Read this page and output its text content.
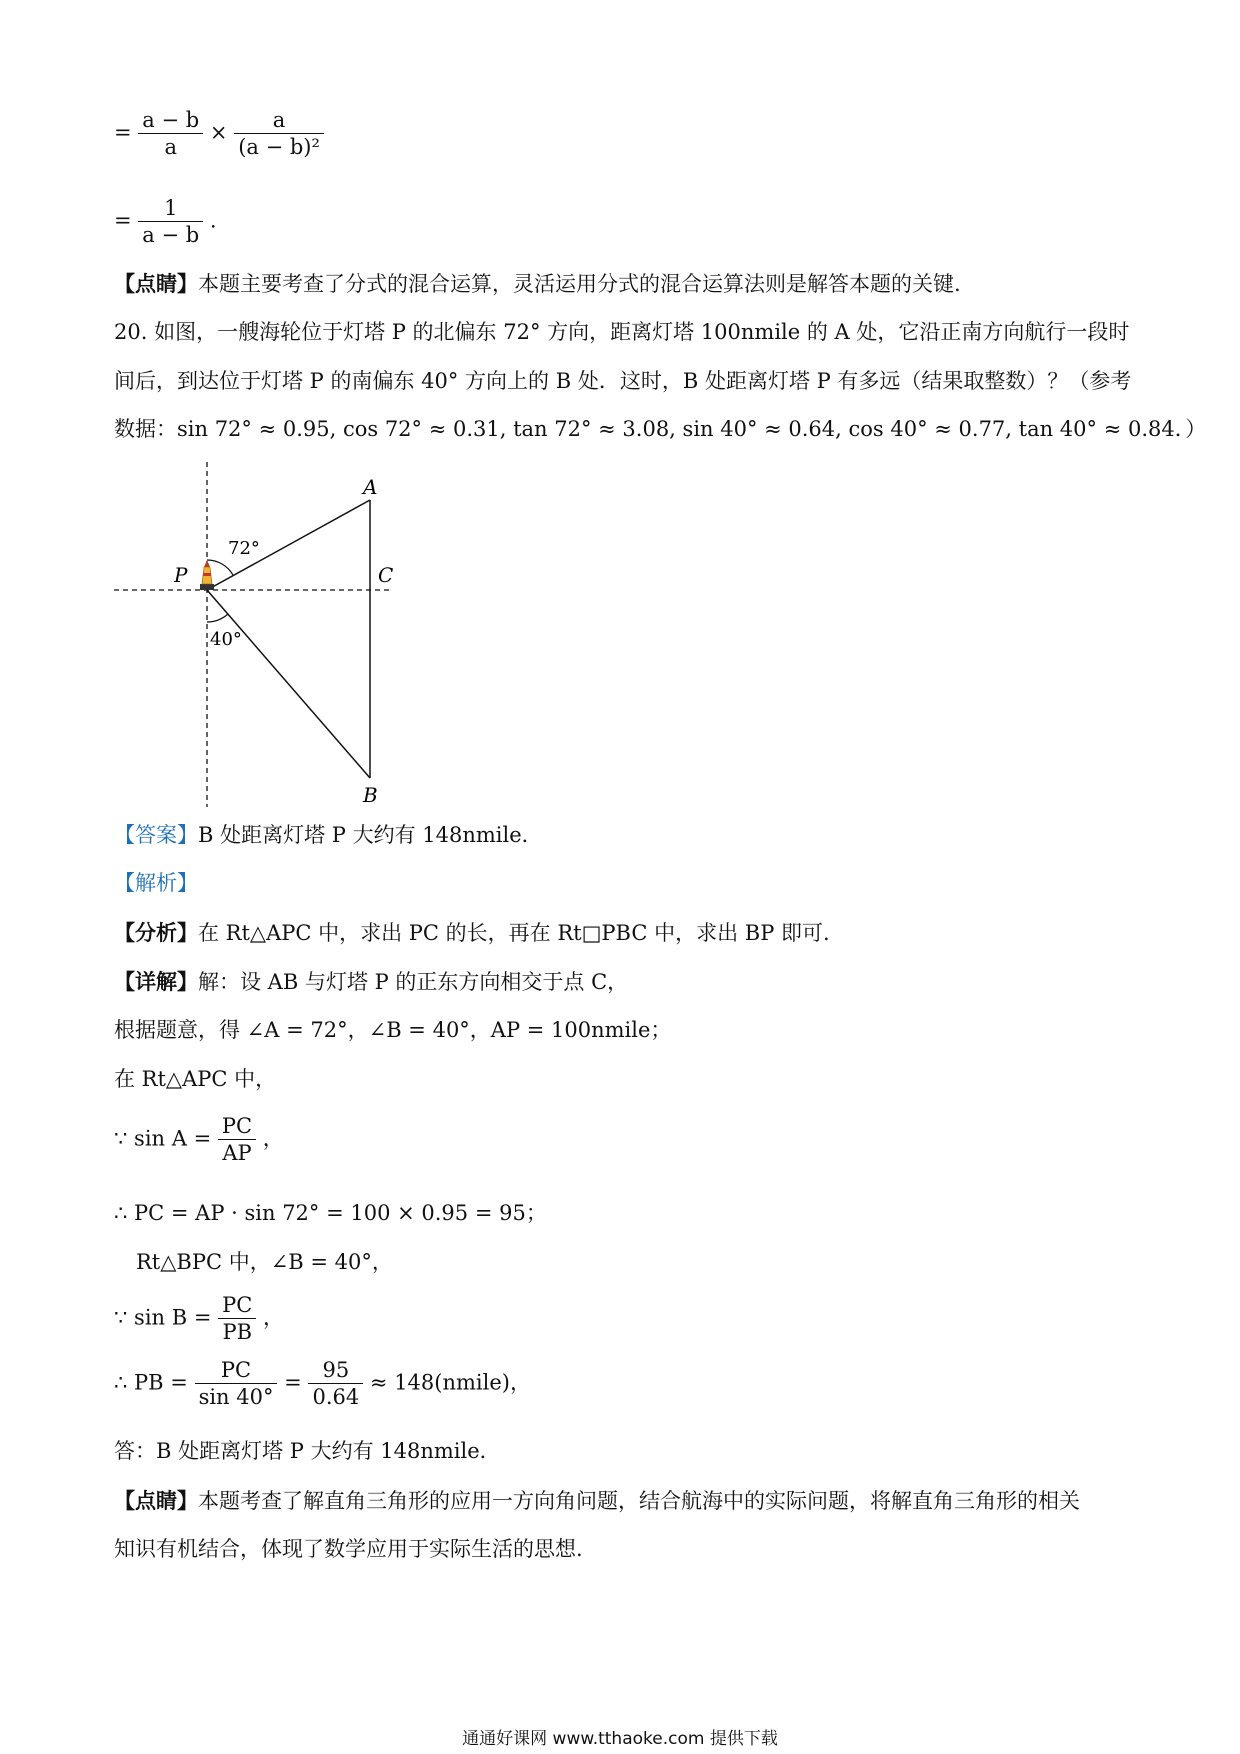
= $\frac{a - b}{a} \times \frac{a}{\text{(a − b)²}}$
= $\frac{1}{a - b}$ .
【点睛】本题主要考查了分式的混合运算，灵活运用分式的混合运算法则是解答本题的关键.
20. 如图，一艘海轮位于灯塔 P 的北偏东 72° 方向，距离灯塔 100nmile 的 A 处，它沿正南方向航行一段时
间后，到达位于灯塔 P 的南偏东 40° 方向上的 B 处．这时，B 处距离灯塔 P 有多远（结果取整数）？（参考
数据：sin 72° ≈ 0.95, cos 72° ≈ 0.31, tan 72° ≈ 3.08, sin 40° ≈ 0.64, cos 40° ≈ 0.77, tan 40° ≈ 0.84．）
A
B
C
P
72°
40°
【答案】B 处距离灯塔 P 大约有 148nmile．
【解析】
【分析】在 Rt△APC 中，求出 PC 的长，再在 Rt□PBC 中，求出 BP 即可.
【详解】解：设 AB 与灯塔 P 的正东方向相交于点 C，
根据题意，得 ∠A = 72°，∠B = 40°，AP = 100nmile；
在 Rt△APC 中，
∵ $\sin A = \frac{PC}{AP}$ ，
∴ PC = AP · sin 72° = 100 × 0.95 = 95；
Rt△BPC 中，∠B = 40°，
∵ $\sin B = \frac{PC}{PB}$ ，
∴ PB = $\frac{PC}{\sin 40^\circ} = \frac{95}{0.64}$ ≈ 148(nmile)，
答：B 处距离灯塔 P 大约有 148nmile．
【点睛】本题考查了解直角三角形的应用一方向角问题，结合航海中的实际问题，将解直角三角形的相关
知识有机结合，体现了数学应用于实际生活的思想.
通通好课网 www.tthaoke.com 提供下载
